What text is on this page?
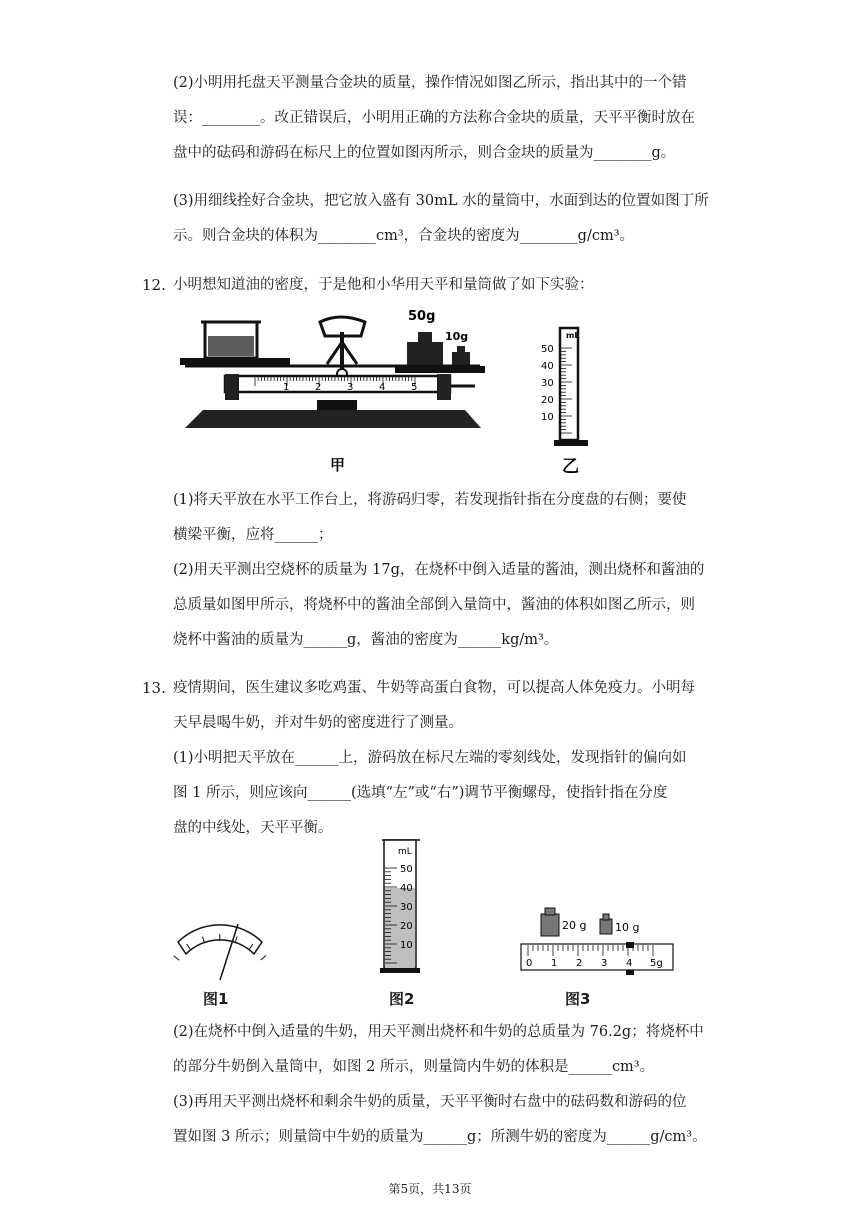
(2)小明用托盘天平测量合金块的质量，操作情况如图乙所示，指出其中的一个错
误：________。改正错误后，小明用正确的方法称合金块的质量，天平平衡时放在
盘中的砝码和游码在标尺上的位置如图丙所示，则合金块的质量为________g。
(3)用细线拴好合金块，把它放入盛有 30mL 水的量筒中，水面到达的位置如图丁所
示。则合金块的体积为________cm³，合金块的密度为________g/cm³。
12. 小明想知道油的密度，于是他和小华用天平和量筒做了如下实验：
50g
10g
1	2	3	4	5
甲
mL
50
40
30
20
10
乙
(1)将天平放在水平工作台上，将游码归零，若发现指针指在分度盘的右侧；要使
横梁平衡，应将______；
(2)用天平测出空烧杯的质量为 17g，在烧杯中倒入适量的酱油，测出烧杯和酱油的
总质量如图甲所示，将烧杯中的酱油全部倒入量筒中，酱油的体积如图乙所示，则
烧杯中酱油的质量为______g，酱油的密度为______kg/m³。
13. 疫情期间，医生建议多吃鸡蛋、牛奶等高蛋白食物，可以提高人体免疫力。小明每
天早晨喝牛奶，并对牛奶的密度进行了测量。
(1)小明把天平放在______上，游码放在标尺左端的零刻线处，发现指针的偏向如
图 1 所示，则应该向______(选填“左”或“右”)调节平衡螺母，使指针指在分度
盘的中线处，天平平衡。
图1
mL
50
40
30
20
10
图2
20 g	10 g
0 1 2 3 4 5g
图3
(2)在烧杯中倒入适量的牛奶，用天平测出烧杯和牛奶的总质量为 76.2g；将烧杯中
的部分牛奶倒入量筒中，如图 2 所示，则量筒内牛奶的体积是______cm³。
(3)再用天平测出烧杯和剩余牛奶的质量，天平平衡时右盘中的砝码数和游码的位
置如图 3 所示；则量筒中牛奶的质量为______g；所测牛奶的密度为______g/cm³。
第5页，共13页
